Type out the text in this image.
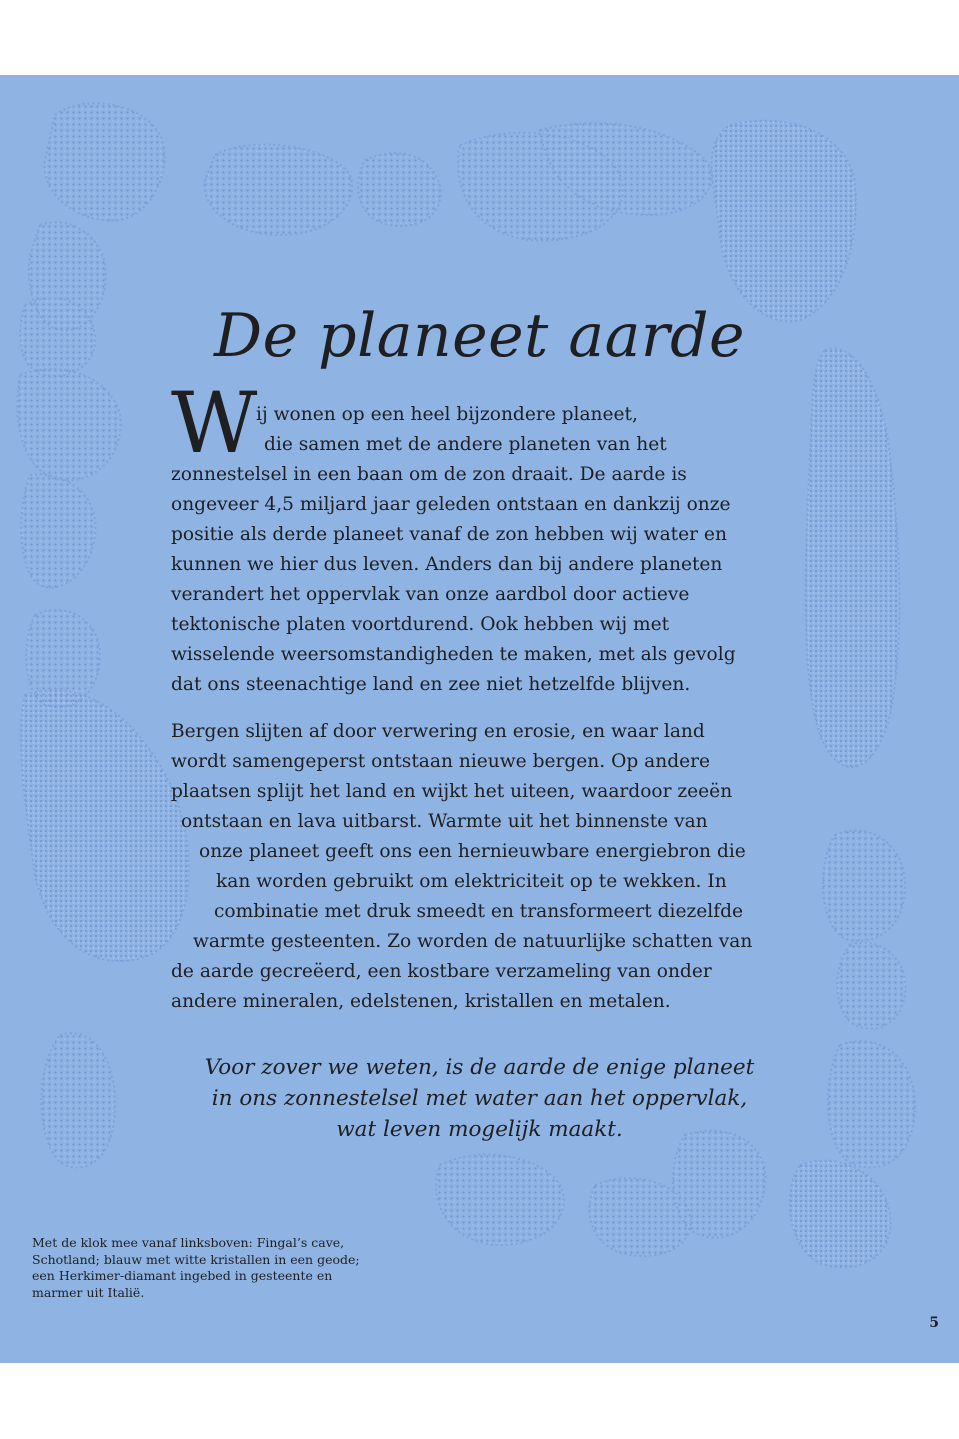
De planeet aarde
W
ij wonen op een heel bijzondere planeet,
die samen met de andere planeten van het
zonnestelsel in een baan om de zon draait. De aarde is
ongeveer 4,5 miljard jaar geleden ontstaan en dankzij onze
positie als derde planeet vanaf de zon hebben wij water en
kunnen we hier dus leven. Anders dan bij andere planeten
verandert het oppervlak van onze aardbol door actieve
tektonische platen voortdurend. Ook hebben wij met
wisselende weersomstandigheden te maken, met als gevolg
dat ons steenachtige land en zee niet hetzelfde blijven.
Bergen slijten af door verwering en erosie, en waar land
wordt samengeperst ontstaan nieuwe bergen. Op andere
plaatsen splijt het land en wijkt het uiteen, waardoor zeeën
ontstaan en lava uitbarst. Warmte uit het binnenste van
onze planeet geeft ons een hernieuwbare energiebron die
kan worden gebruikt om elektriciteit op te wekken. In
combinatie met druk smeedt en transformeert diezelfde
warmte gesteenten. Zo worden de natuurlijke schatten van
de aarde gecreëerd, een kostbare verzameling van onder
andere mineralen, edelstenen, kristallen en metalen.
Voor zover we weten, is de aarde de enige planeet
in ons zonnestelsel met water aan het oppervlak,
wat leven mogelijk maakt.
Met de klok mee vanaf linksboven: Fingal’s cave,
Schotland; blauw met witte kristallen in een geode;
een Herkimer-diamant ingebed in gesteente en
marmer uit Italië.
5
